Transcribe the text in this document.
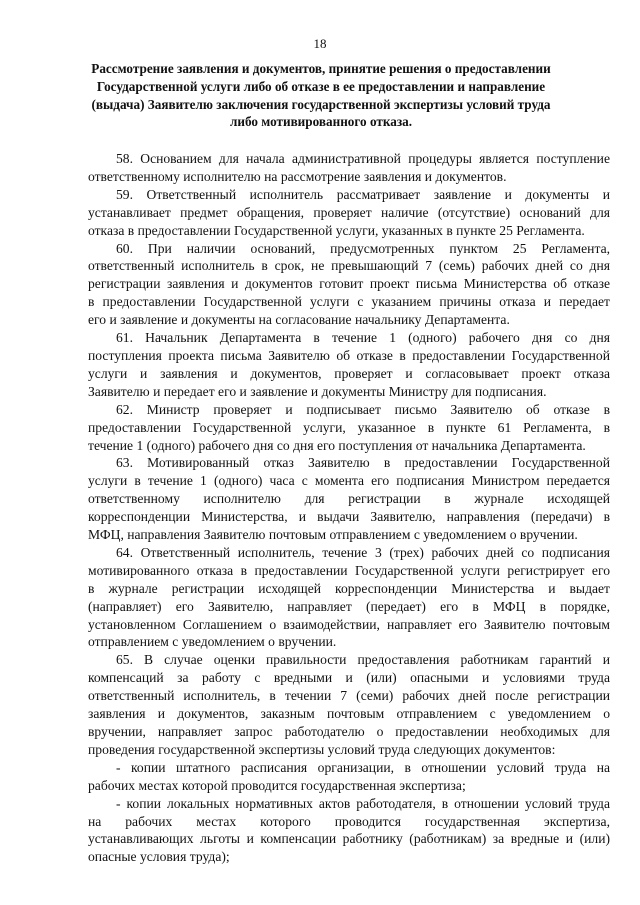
18
Рассмотрение заявления и документов, принятие решения о предоставлении
Государственной услуги либо об отказе в ее предоставлении и направление
(выдача) Заявителю заключения государственной экспертизы условий труда
либо мотивированного отказа.
58. Основанием для начала административной процедуры является поступление
ответственному исполнителю на рассмотрение заявления и документов.
59. Ответственный исполнитель рассматривает заявление и документы и
устанавливает предмет обращения, проверяет наличие (отсутствие) оснований для
отказа в предоставлении Государственной услуги, указанных в пункте 25 Регламента.
60. При наличии оснований, предусмотренных пунктом 25 Регламента,
ответственный исполнитель в срок, не превышающий 7 (семь) рабочих дней со дня
регистрации заявления и документов готовит проект письма Министерства об отказе
в предоставлении Государственной услуги с указанием причины отказа и передает
его и заявление и документы на согласование начальнику Департамента.
61. Начальник Департамента в течение 1 (одного) рабочего дня со дня
поступления проекта письма Заявителю об отказе в предоставлении Государственной
услуги и заявления и документов, проверяет и согласовывает проект отказа
Заявителю и передает его и заявление и документы Министру для подписания.
62. Министр проверяет и подписывает письмо Заявителю об отказе в
предоставлении Государственной услуги, указанное в пункте 61 Регламента, в
течение 1 (одного) рабочего дня со дня его поступления от начальника Департамента.
63. Мотивированный отказ Заявителю в предоставлении Государственной
услуги в течение 1 (одного) часа с момента его подписания Министром передается
ответственному исполнителю для регистрации в журнале исходящей
корреспонденции Министерства, и выдачи Заявителю, направления (передачи) в
МФЦ, направления Заявителю почтовым отправлением с уведомлением о вручении.
64. Ответственный исполнитель, течение 3 (трех) рабочих дней со подписания
мотивированного отказа в предоставлении Государственной услуги регистрирует его
в журнале регистрации исходящей корреспонденции Министерства и выдает
(направляет) его Заявителю, направляет (передает) его в МФЦ в порядке,
установленном Соглашением о взаимодействии, направляет его Заявителю почтовым
отправлением с уведомлением о вручении.
65. В случае оценки правильности предоставления работникам гарантий и
компенсаций за работу с вредными и (или) опасными и условиями труда
ответственный исполнитель, в течении 7 (семи) рабочих дней после регистрации
заявления и документов, заказным почтовым отправлением с уведомлением о
вручении, направляет запрос работодателю о предоставлении необходимых для
проведения государственной экспертизы условий труда следующих документов:
- копии штатного расписания организации, в отношении условий труда на
рабочих местах которой проводится государственная экспертиза;
- копии локальных нормативных актов работодателя, в отношении условий труда
на рабочих местах которого проводится государственная экспертиза,
устанавливающих льготы и компенсации работнику (работникам) за вредные и (или)
опасные условия труда);
